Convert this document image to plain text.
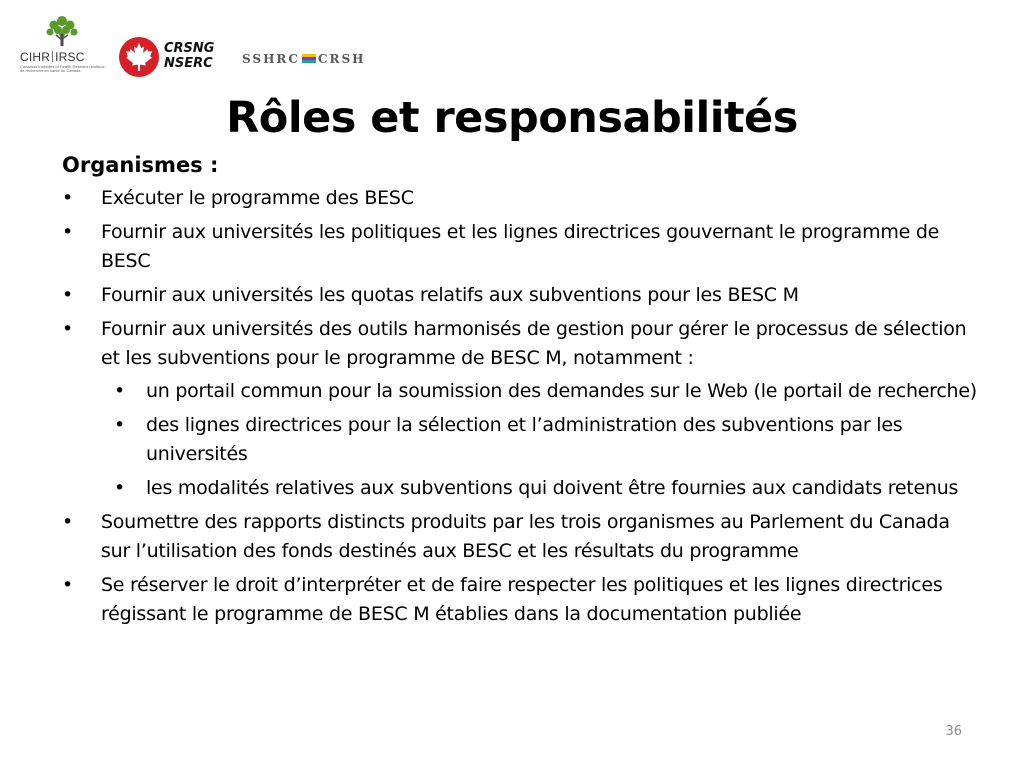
CIHR IRSC
Canadian Institutes of Health Research Instituts de recherche en santé du Canada
CRSNG
NSERC SSHRC CRSH
Rôles et responsabilités
Organismes :
• Exécuter le programme des BESC
• Fournir aux universités les politiques et les lignes directrices gouvernant le programme de BESC
• Fournir aux universités les quotas relatifs aux subventions pour les BESC M
• Fournir aux universités des outils harmonisés de gestion pour gérer le processus de sélection et les subventions pour le programme de BESC M, notamment :
• un portail commun pour la soumission des demandes sur le Web (le portail de recherche)
• des lignes directrices pour la sélection et l’administration des subventions par les universités
• les modalités relatives aux subventions qui doivent être fournies aux candidats retenus
• Soumettre des rapports distincts produits par les trois organismes au Parlement du Canada sur l’utilisation des fonds destinés aux BESC et les résultats du programme
• Se réserver le droit d’interpréter et de faire respecter les politiques et les lignes directrices régissant le programme de BESC M établies dans la documentation publiée
36
